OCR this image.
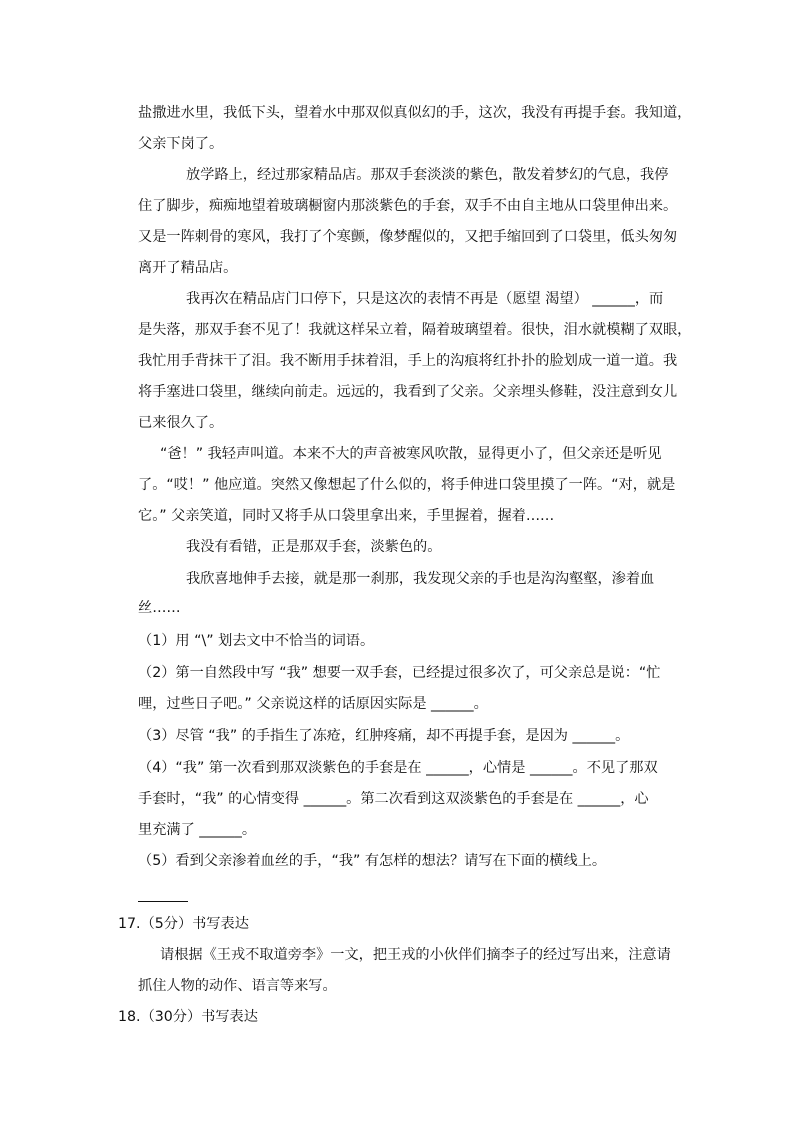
盐撒进水里，我低下头，望着水中那双似真似幻的手，这次，我没有再提手套。我知道，
父亲下岗了。
放学路上，经过那家精品店。那双手套淡淡的紫色，散发着梦幻的气息，我停
住了脚步，痴痴地望着玻璃橱窗内那淡紫色的手套，双手不由自主地从口袋里伸出来。
又是一阵刺骨的寒风，我打了个寒颤，像梦醒似的，又把手缩回到了口袋里，低头匆匆
离开了精品店。
我再次在精品店门口停下，只是这次的表情不再是（愿望 渴望） ______，而
是失落，那双手套不见了！我就这样呆立着，隔着玻璃望着。很快，泪水就模糊了双眼，
我忙用手背抹干了泪。我不断用手抹着泪，手上的沟痕将红扑扑的脸划成一道一道。我
将手塞进口袋里，继续向前走。远远的，我看到了父亲。父亲埋头修鞋，没注意到女儿
已来很久了。
“爸！” 我轻声叫道。本来不大的声音被寒风吹散，显得更小了，但父亲还是听见
了。“哎！” 他应道。突然又像想起了什么似的，将手伸进口袋里摸了一阵。“对，就是
它。” 父亲笑道，同时又将手从口袋里拿出来，手里握着，握着……
我没有看错，正是那双手套，淡紫色的。
我欣喜地伸手去接，就是那一刹那，我发现父亲的手也是沟沟壑壑，渗着血
丝……
（1）用 “\” 划去文中不恰当的词语。
（2）第一自然段中写 “我” 想要一双手套，已经提过很多次了，可父亲总是说：“忙
哩，过些日子吧。” 父亲说这样的话原因实际是 ______。
（3）尽管 “我” 的手指生了冻疮，红肿疼痛，却不再提手套，是因为 ______。
（4）“我” 第一次看到那双淡紫色的手套是在 ______，心情是 ______。不见了那双
手套时，“我” 的心情变得 ______。第二次看到这双淡紫色的手套是在 ______，心
里充满了 ______。
（5）看到父亲渗着血丝的手，“我” 有怎样的想法？请写在下面的横线上。
17.（5分）书写表达
请根据《王戎不取道旁李》一文，把王戎的小伙伴们摘李子的经过写出来，注意请
抓住人物的动作、语言等来写。
18.（30分）书写表达
